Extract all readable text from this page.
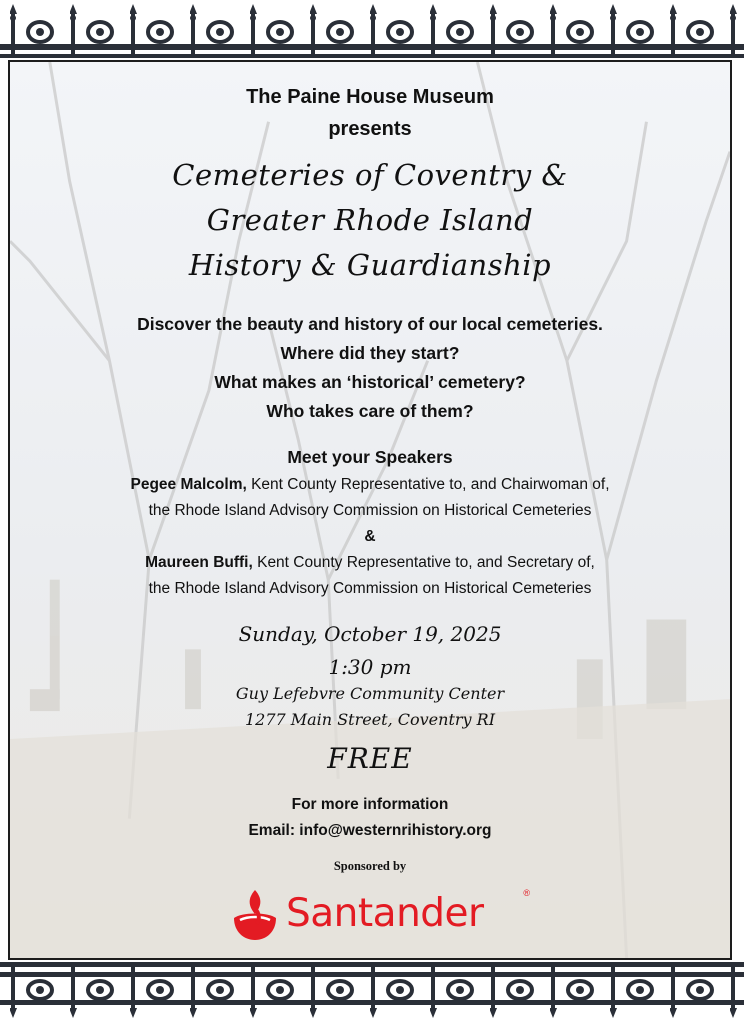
The Paine House Museum

presents

Cemeteries of Coventry &

Greater Rhode Island

History & Guardianship

Discover the beauty and history of our local cemeteries.

Where did they start?

What makes an ‘historical’ cemetery?

Who takes care of them?

Meet your Speakers

Pegee Malcolm, Kent County Representative to, and Chairwoman of,

the Rhode Island Advisory Commission on Historical Cemeteries

&

Maureen Buffi, Kent County Representative to, and Secretary of,

the Rhode Island Advisory Commission on Historical Cemeteries

Sunday, October 19, 2025

1:30 pm

Guy Lefebvre Community Center

1277 Main Street, Coventry RI

FREE

For more information

Email: info@westernrihistory.org

Sponsored by

Santander	®
